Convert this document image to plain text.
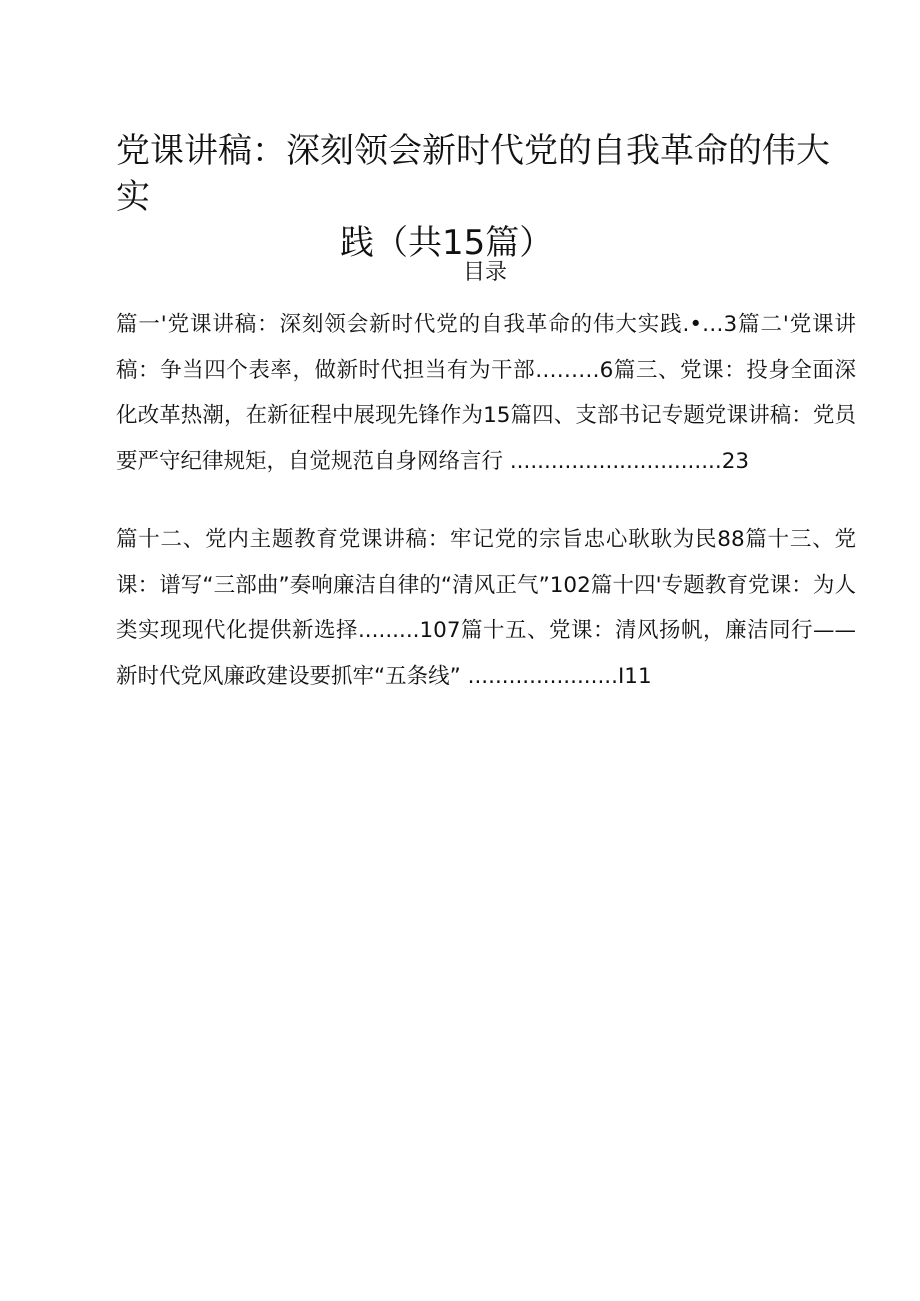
党课讲稿：深刻领会新时代党的自我革命的伟大实
践（共15篇）
目录

篇一'党课讲稿：深刻领会新时代党的自我革命的伟大实践.•…3篇二'党课讲稿：争当四个表率，做新时代担当有为干部………6篇三、党课：投身全面深化改革热潮，在新征程中展现先锋作为15篇四、支部书记专题党课讲稿：党员要严守纪律规矩，自觉规范自身网络言行 ...............................23

篇十二、党内主题教育党课讲稿：牢记党的宗旨忠心耿耿为民88篇十三、党课：谱写“三部曲”奏响廉洁自律的“清风正气”102篇十四'专题教育党课：为人类实现现代化提供新选择.........107篇十五、党课：清风扬帆，廉洁同行——新时代党风廉政建设要抓牢“五条线” ......................I11
